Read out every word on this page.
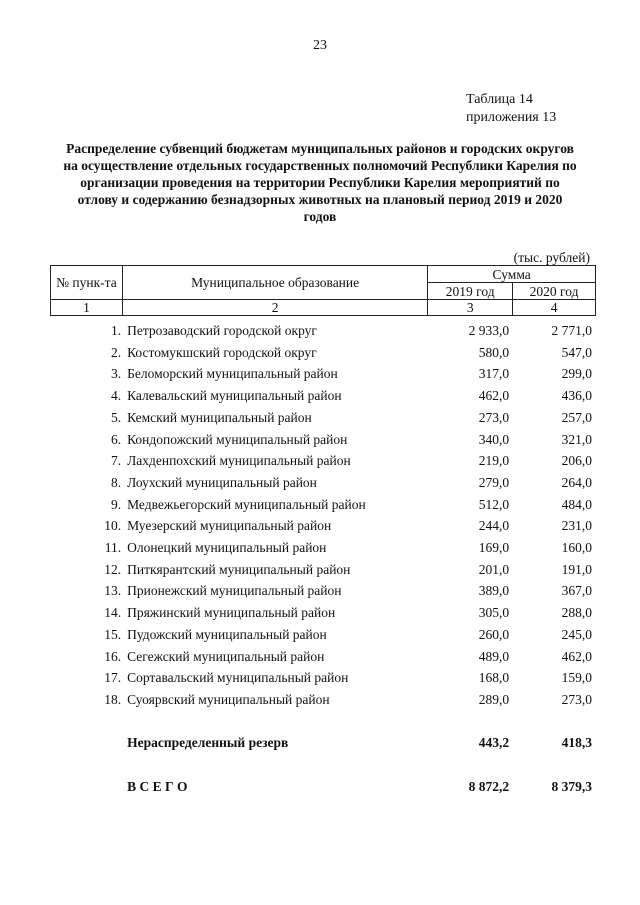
23
Таблица 14
приложения 13
Распределение субвенций бюджетам муниципальных районов и городских округов на осуществление отдельных государственных полномочий Республики Карелия по организации проведения на территории Республики Карелия мероприятий по отлову и содержанию безнадзорных животных на плановый период 2019 и 2020 годов
(тыс. рублей)
№ пунк-та	Муниципальное образование	Сумма	
		2019 год	2020 год
1	2	3	4
1.	Петрозаводский городской округ	2 933,0	2 771,0
2.	Костомукшский городской округ	580,0	547,0
3.	Беломорский муниципальный район	317,0	299,0
4.	Калевальский муниципальный район	462,0	436,0
5.	Кемский муниципальный район	273,0	257,0
6.	Кондопожский муниципальный район	340,0	321,0
7.	Лахденпохский муниципальный район	219,0	206,0
8.	Лоухский муниципальный район	279,0	264,0
9.	Медвежьегорский муниципальный район	512,0	484,0
10.	Муезерский муниципальный район	244,0	231,0
11.	Олонецкий муниципальный район	169,0	160,0
12.	Питкярантский муниципальный район	201,0	191,0
13.	Прионежский муниципальный район	389,0	367,0
14.	Пряжинский муниципальный район	305,0	288,0
15.	Пудожский муниципальный район	260,0	245,0
16.	Сегежский муниципальный район	489,0	462,0
17.	Сортавальский муниципальный район	168,0	159,0
18.	Суоярвский муниципальный район	289,0	273,0

	Нераспределенный резерв	443,2	418,3

	В С Е Г О	8 872,2	8 379,3
